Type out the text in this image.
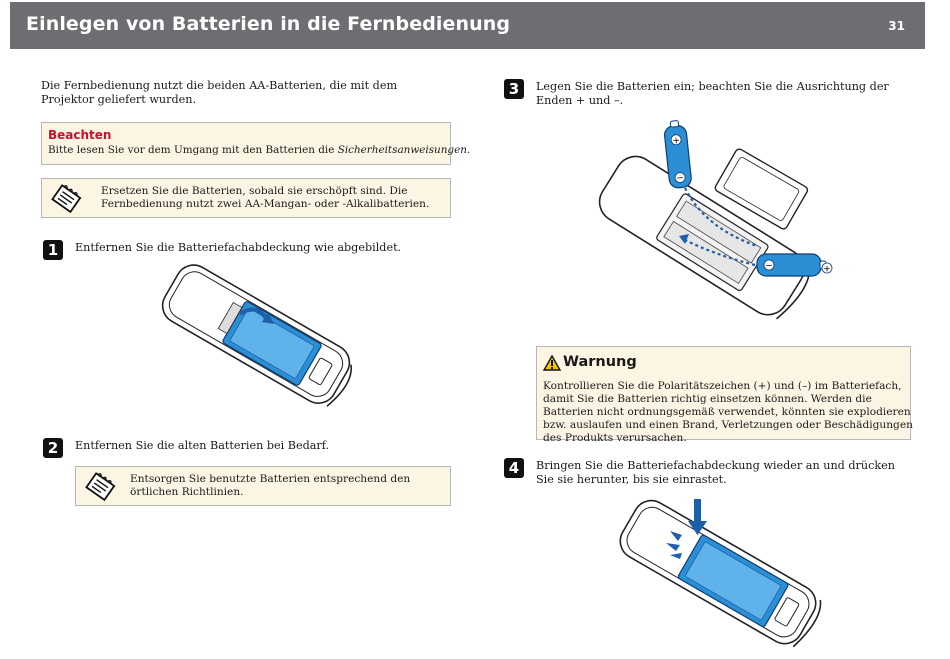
Einlegen von Batterien in die Fernbedienung	31
Die Fernbedienung nutzt die beiden AA-Batterien, die mit dem Projektor geliefert wurden.
Beachten
Bitte lesen Sie vor dem Umgang mit den Batterien die Sicherheitsanweisungen.
Ersetzen Sie die Batterien, sobald sie erschöpft sind. Die Fernbedienung nutzt zwei AA-Mangan- oder -Alkalibatterien.
1	Entfernen Sie die Batteriefachabdeckung wie abgebildet.
2	Entfernen Sie die alten Batterien bei Bedarf.
Entsorgen Sie benutzte Batterien entsprechend den örtlichen Richtlinien.
3	Legen Sie die Batterien ein; beachten Sie die Ausrichtung der Enden + und –.
+
−
−	+
Warnung
Kontrollieren Sie die Polaritätszeichen (+) und (–) im Batteriefach, damit Sie die Batterien richtig einsetzen können. Werden die Batterien nicht ordnungsgemäß verwendet, könnten sie explodieren bzw. auslaufen und einen Brand, Verletzungen oder Beschädigungen des Produkts verursachen.
4	Bringen Sie die Batteriefachabdeckung wieder an und drücken Sie sie herunter, bis sie einrastet.
